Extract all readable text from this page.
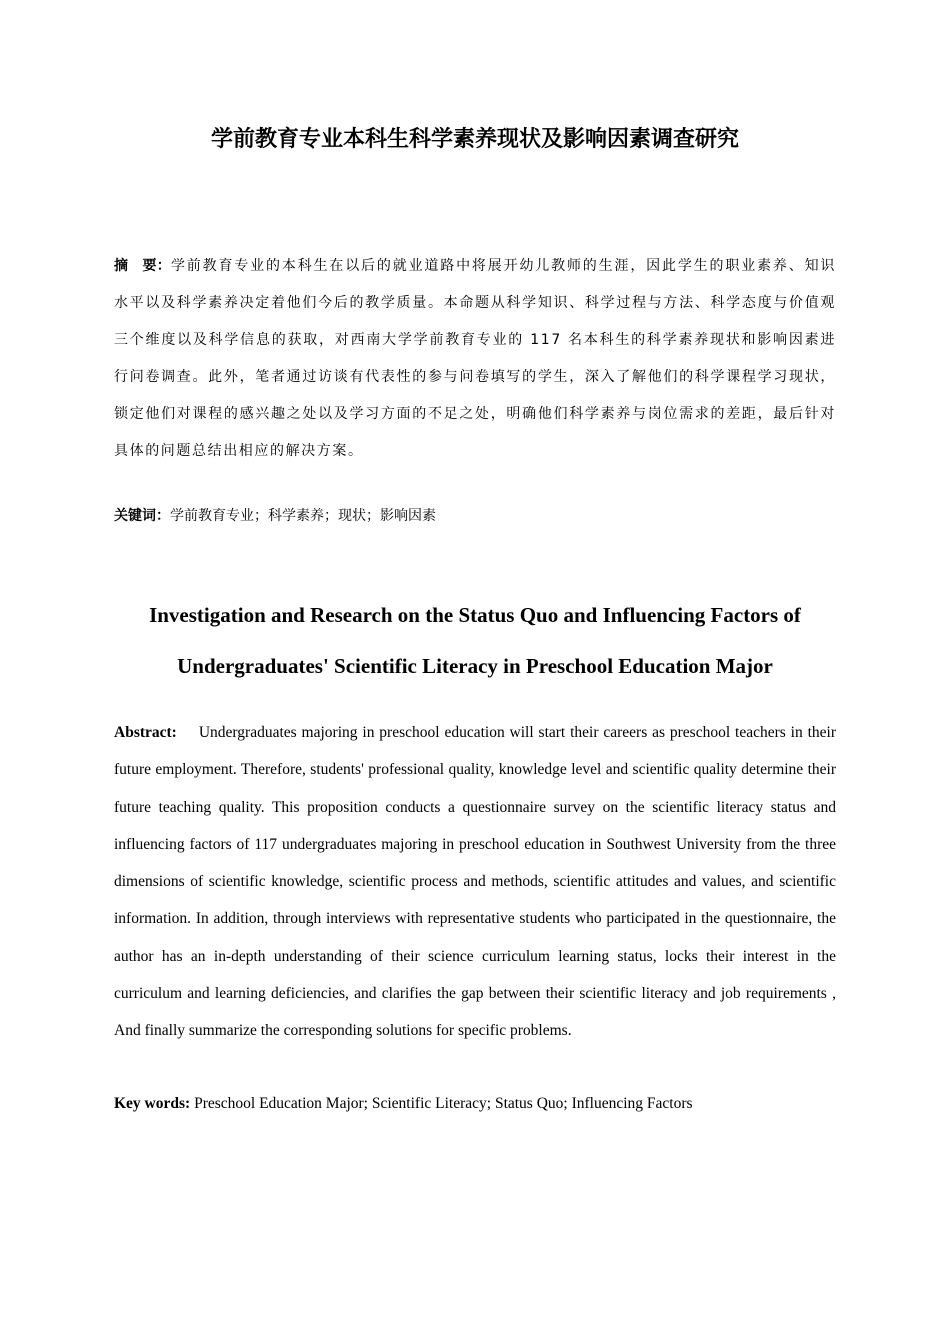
学前教育专业本科生科学素养现状及影响因素调查研究

摘　要：学前教育专业的本科生在以后的就业道路中将展开幼儿教师的生涯，因此学生的职业素养、知识水平以及科学素养决定着他们今后的教学质量。本命题从科学知识、科学过程与方法、科学态度与价值观三个维度以及科学信息的获取，对西南大学学前教育专业的 117 名本科生的科学素养现状和影响因素进行问卷调查。此外，笔者通过访谈有代表性的参与问卷填写的学生，深入了解他们的科学课程学习现状，锁定他们对课程的感兴趣之处以及学习方面的不足之处，明确他们科学素养与岗位需求的差距，最后针对具体的问题总结出相应的解决方案。

关键词：学前教育专业；科学素养；现状；影响因素

Investigation and Research on the Status Quo and Influencing Factors of
Undergraduates' Scientific Literacy in Preschool Education Major

Abstract: Undergraduates majoring in preschool education will start their careers as preschool teachers in their future employment. Therefore, students' professional quality, knowledge level and scientific quality determine their future teaching quality. This proposition conducts a questionnaire survey on the scientific literacy status and influencing factors of 117 undergraduates majoring in preschool education in Southwest University from the three dimensions of scientific knowledge, scientific process and methods, scientific attitudes and values, and scientific information. In addition, through interviews with representative students who participated in the questionnaire, the author has an in-depth understanding of their science curriculum learning status, locks their interest in the curriculum and learning deficiencies, and clarifies the gap between their scientific literacy and job requirements , And finally summarize the corresponding solutions for specific problems.

Key words: Preschool Education Major; Scientific Literacy; Status Quo; Influencing Factors
